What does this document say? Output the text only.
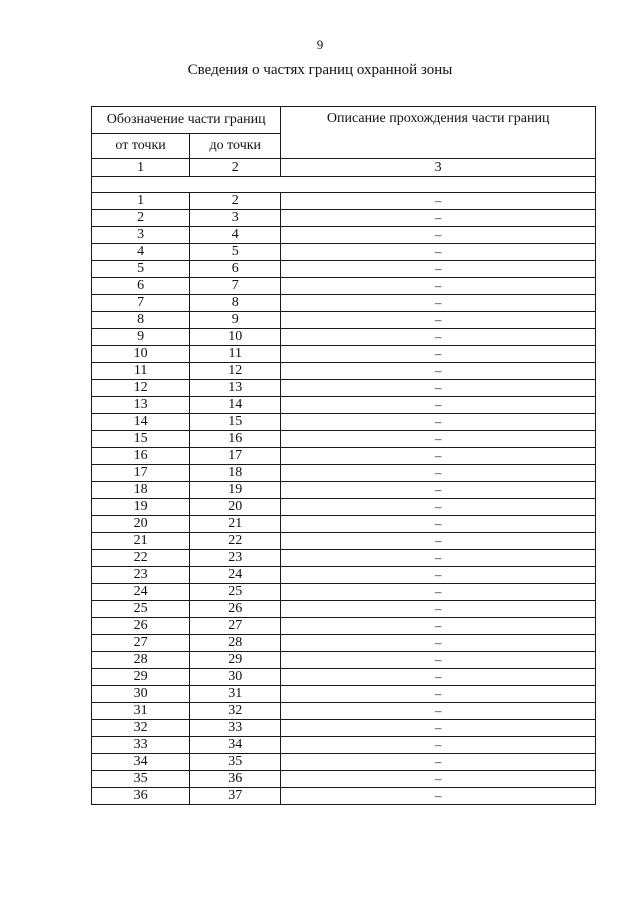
9
Сведения о частях границ охранной зоны
Обозначение части границ		Описание прохождения части границ
от точки	до точки	
1	2	3

1	2	–
2	3	–
3	4	–
4	5	–
5	6	–
6	7	–
7	8	–
8	9	–
9	10	–
10	11	–
11	12	–
12	13	–
13	14	–
14	15	–
15	16	–
16	17	–
17	18	–
18	19	–
19	20	–
20	21	–
21	22	–
22	23	–
23	24	–
24	25	–
25	26	–
26	27	–
27	28	–
28	29	–
29	30	–
30	31	–
31	32	–
32	33	–
33	34	–
34	35	–
35	36	–
36	37	–
